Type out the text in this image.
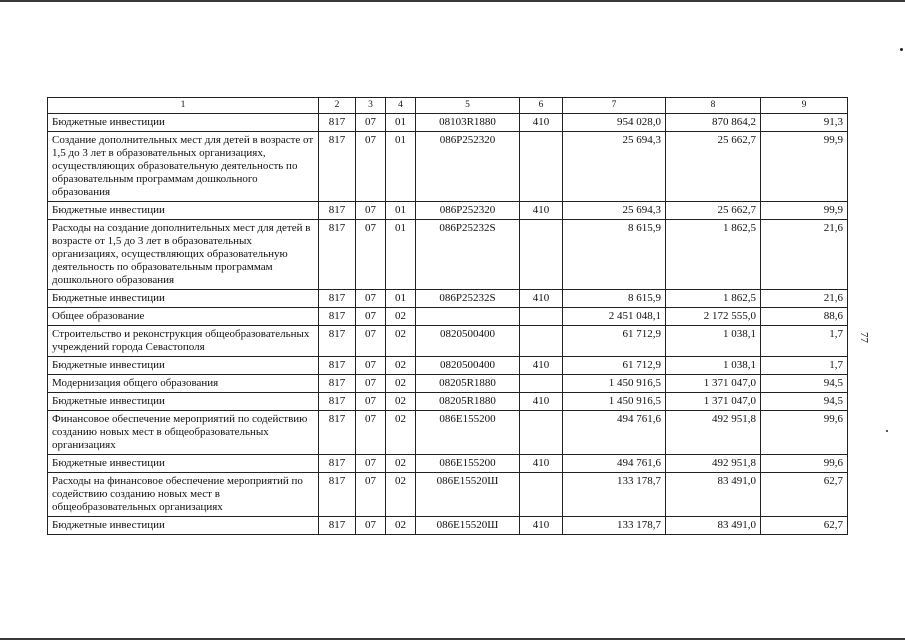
77
1	2	3	4	5	6	7	8	9
Бюджетные инвестиции	817	07	01	08103R1880	410	954 028,0	870 864,2	91,3
Создание дополнительных мест для детей в возрасте от 1,5 до 3 лет в образовательных организациях, осуществляющих образовательную деятельность по образовательным программам дошкольного образования	817	07	01	086P252320		25 694,3	25 662,7	99,9
Бюджетные инвестиции	817	07	01	086P252320	410	25 694,3	25 662,7	99,9
Расходы на создание дополнительных мест для детей в возрасте от 1,5 до 3 лет в образовательных организациях, осуществляющих образовательную деятельность по образовательным программам дошкольного образования	817	07	01	086P25232S		8 615,9	1 862,5	21,6
Бюджетные инвестиции	817	07	01	086P25232S	410	8 615,9	1 862,5	21,6
Общее образование	817	07	02			2 451 048,1	2 172 555,0	88,6
Строительство и реконструкция общеобразовательных учреждений города Севастополя	817	07	02	0820500400		61 712,9	1 038,1	1,7
Бюджетные инвестиции	817	07	02	0820500400	410	61 712,9	1 038,1	1,7
Модернизация общего образования	817	07	02	08205R1880		1 450 916,5	1 371 047,0	94,5
Бюджетные инвестиции	817	07	02	08205R1880	410	1 450 916,5	1 371 047,0	94,5
Финансовое обеспечение мероприятий по содействию созданию новых мест в общеобразовательных организациях	817	07	02	086E155200		494 761,6	492 951,8	99,6
Бюджетные инвестиции	817	07	02	086E155200	410	494 761,6	492 951,8	99,6
Расходы на финансовое обеспечение мероприятий по содействию созданию новых мест в общеобразовательных организациях	817	07	02	086E15520Ш		133 178,7	83 491,0	62,7
Бюджетные инвестиции	817	07	02	086E15520Ш	410	133 178,7	83 491,0	62,7
